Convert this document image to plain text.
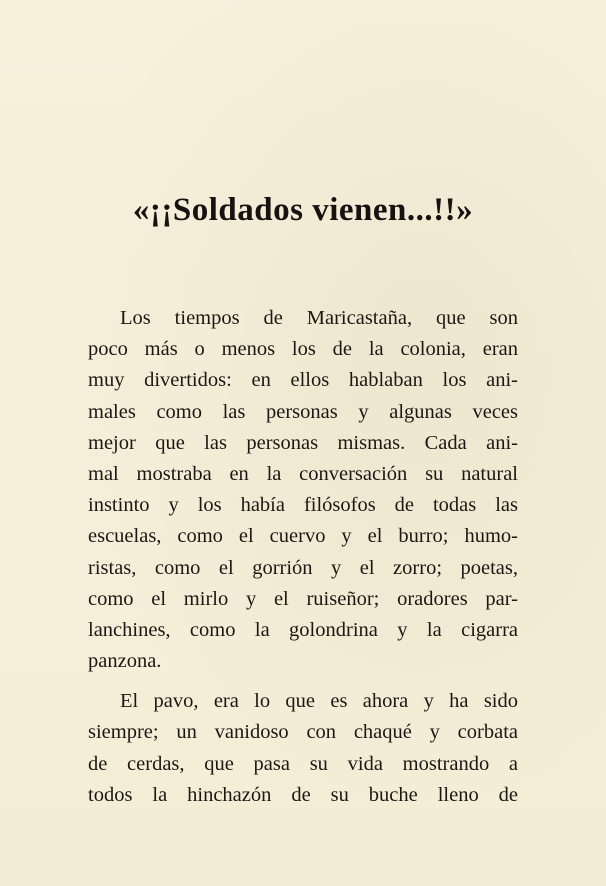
«¡¡Soldados vienen...!!»
Los tiempos de Maricastaña, que son
poco más o menos los de la colonia, eran
muy divertidos: en ellos hablaban los ani-
males como las personas y algunas veces
mejor que las personas mismas. Cada ani-
mal mostraba en la conversación su natural
instinto y los había filósofos de todas las
escuelas, como el cuervo y el burro; humo-
ristas, como el gorrión y el zorro; poetas,
como el mirlo y el ruiseñor; oradores par-
lanchines, como la golondrina y la cigarra
panzona.
El pavo, era lo que es ahora y ha sido
siempre; un vanidoso con chaqué y corbata
de cerdas, que pasa su vida mostrando a
todos la hinchazón de su buche lleno de
